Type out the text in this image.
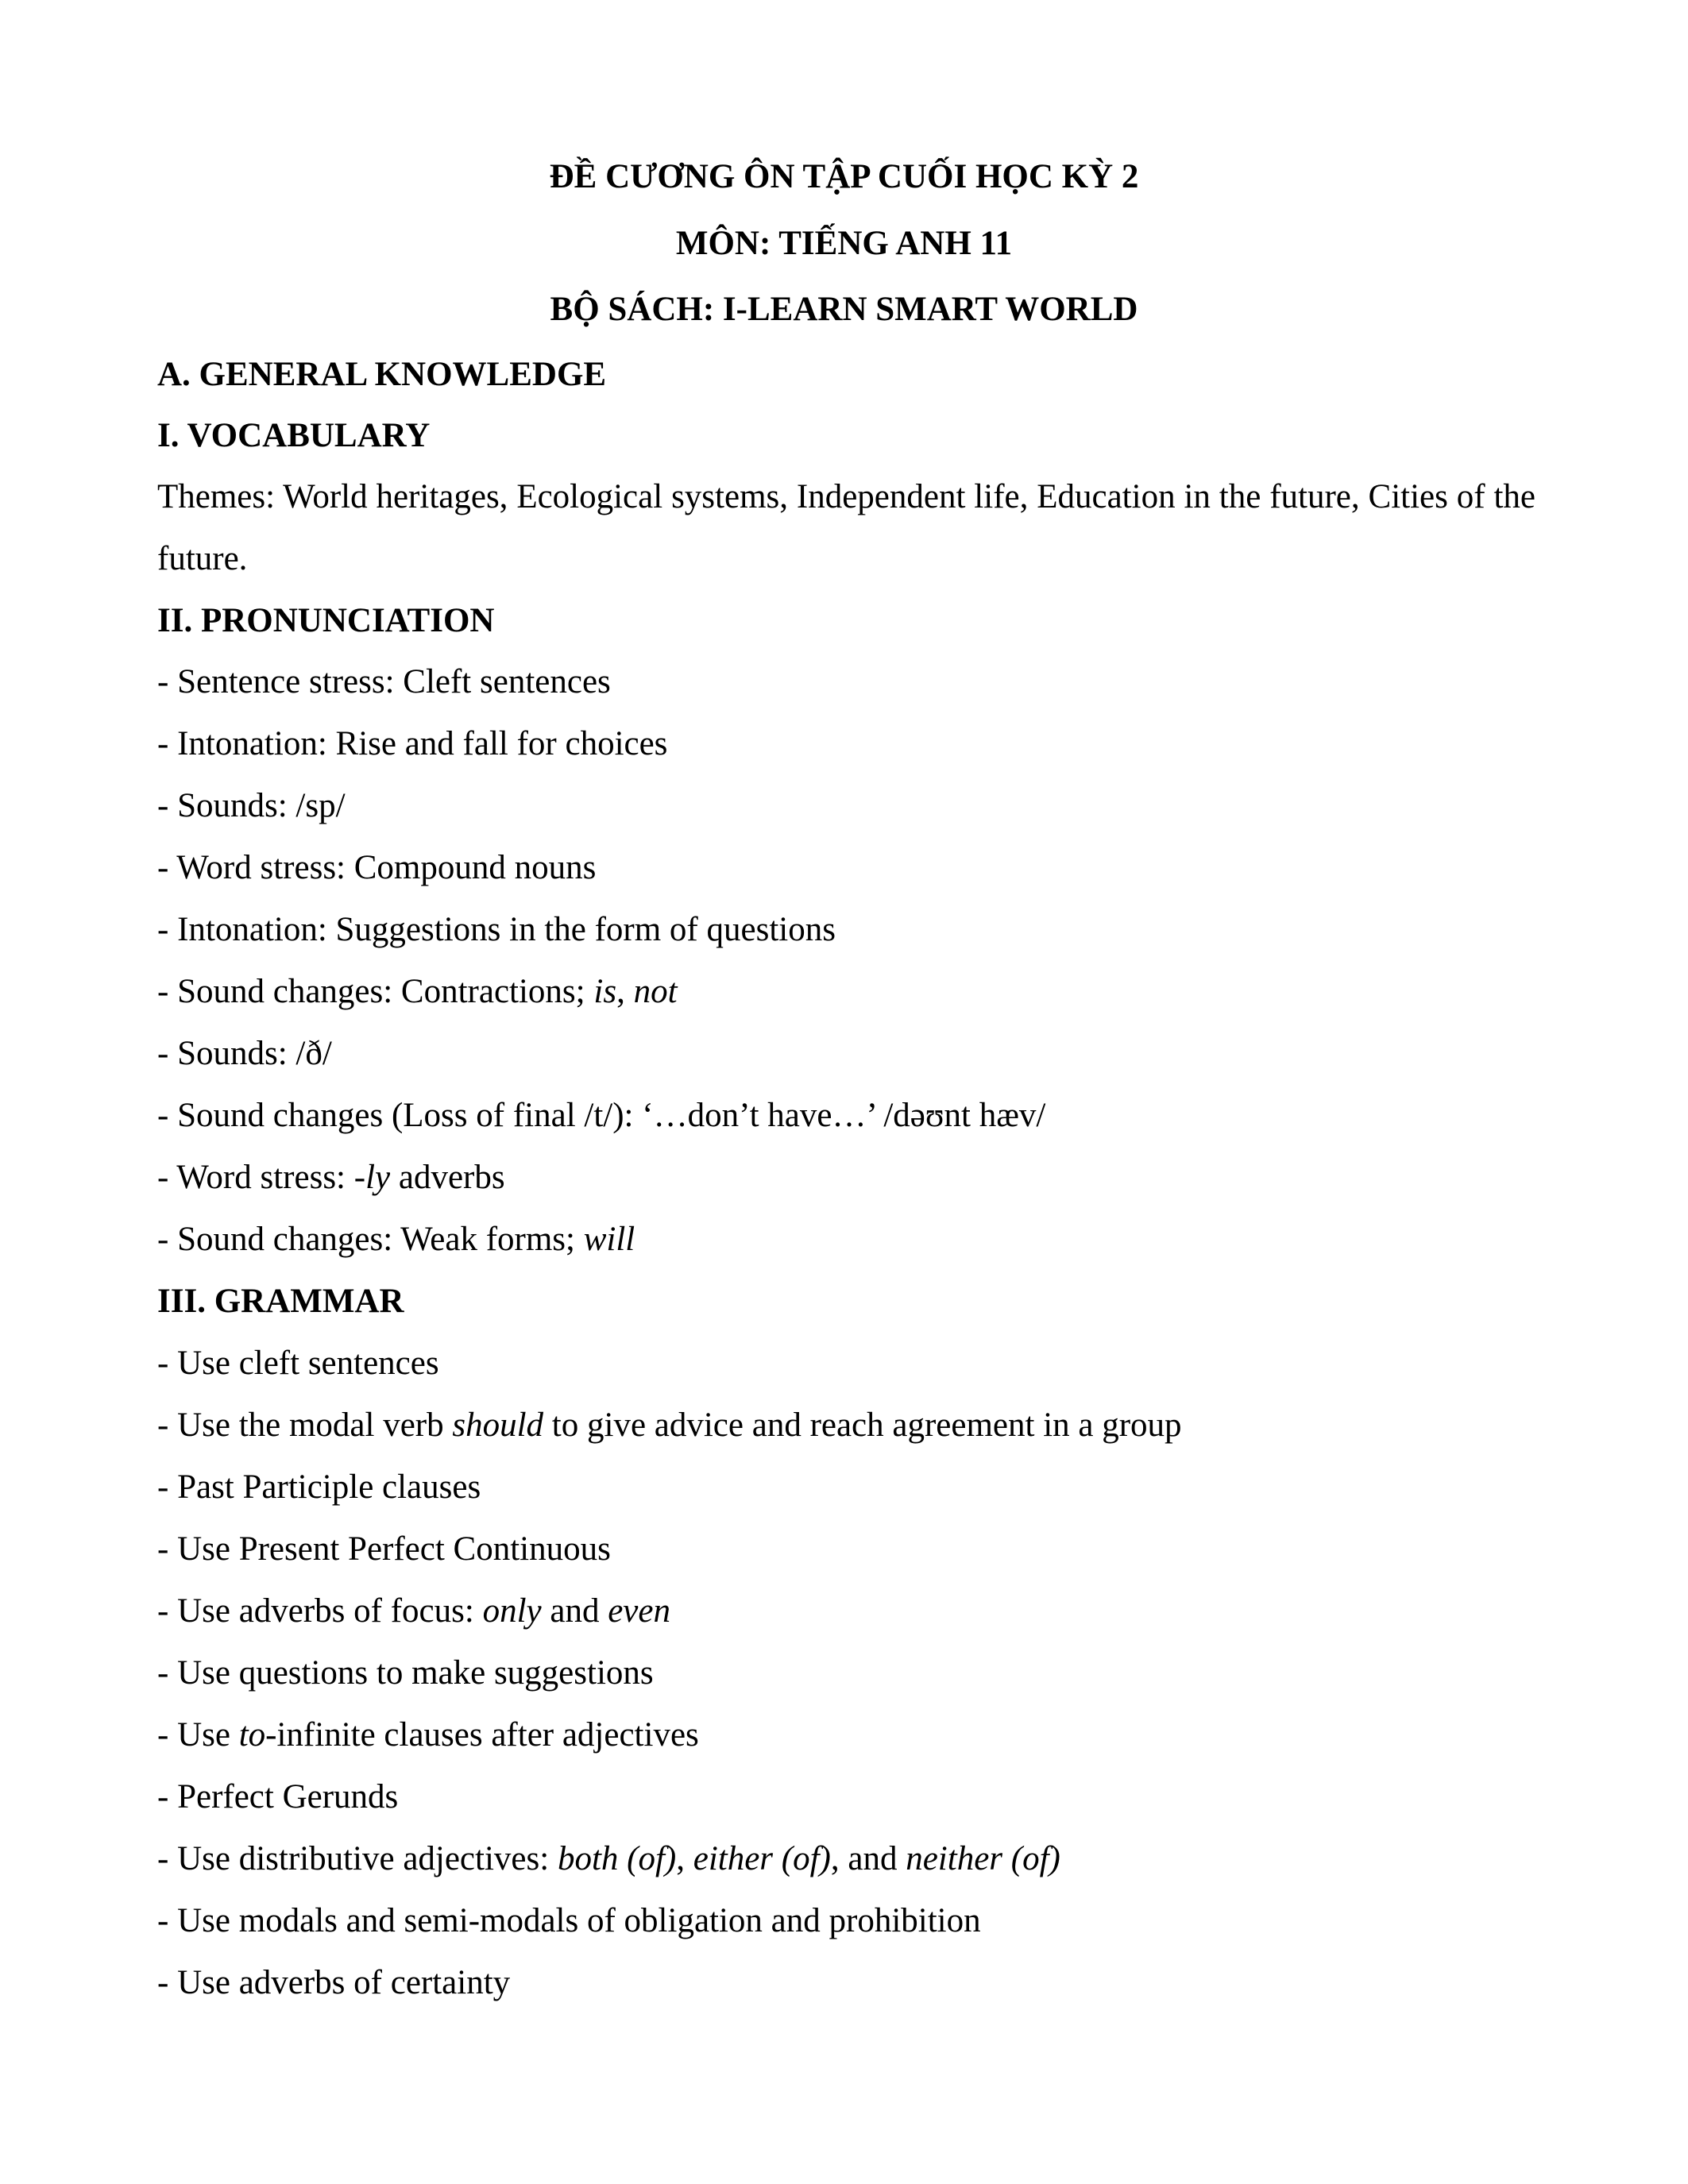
ĐỀ CƯƠNG ÔN TẬP CUỐI HỌC KỲ 2
MÔN: TIẾNG ANH 11
BỘ SÁCH: I-LEARN SMART WORLD
A. GENERAL KNOWLEDGE
I. VOCABULARY
Themes: World heritages, Ecological systems, Independent life, Education in the future, Cities of the future.
II. PRONUNCIATION
- Sentence stress: Cleft sentences
- Intonation: Rise and fall for choices
- Sounds: /sp/
- Word stress: Compound nouns
- Intonation: Suggestions in the form of questions
- Sound changes: Contractions; is, not
- Sounds: /ð/
- Sound changes (Loss of final /t/): ‘…don’t have…’ /dəʊnt hæv/
- Word stress: -ly adverbs
- Sound changes: Weak forms; will
III. GRAMMAR
- Use cleft sentences
- Use the modal verb should to give advice and reach agreement in a group
- Past Participle clauses
- Use Present Perfect Continuous
- Use adverbs of focus: only and even
- Use questions to make suggestions
- Use to-infinite clauses after adjectives
- Perfect Gerunds
- Use distributive adjectives: both (of), either (of), and neither (of)
- Use modals and semi-modals of obligation and prohibition
- Use adverbs of certainty
